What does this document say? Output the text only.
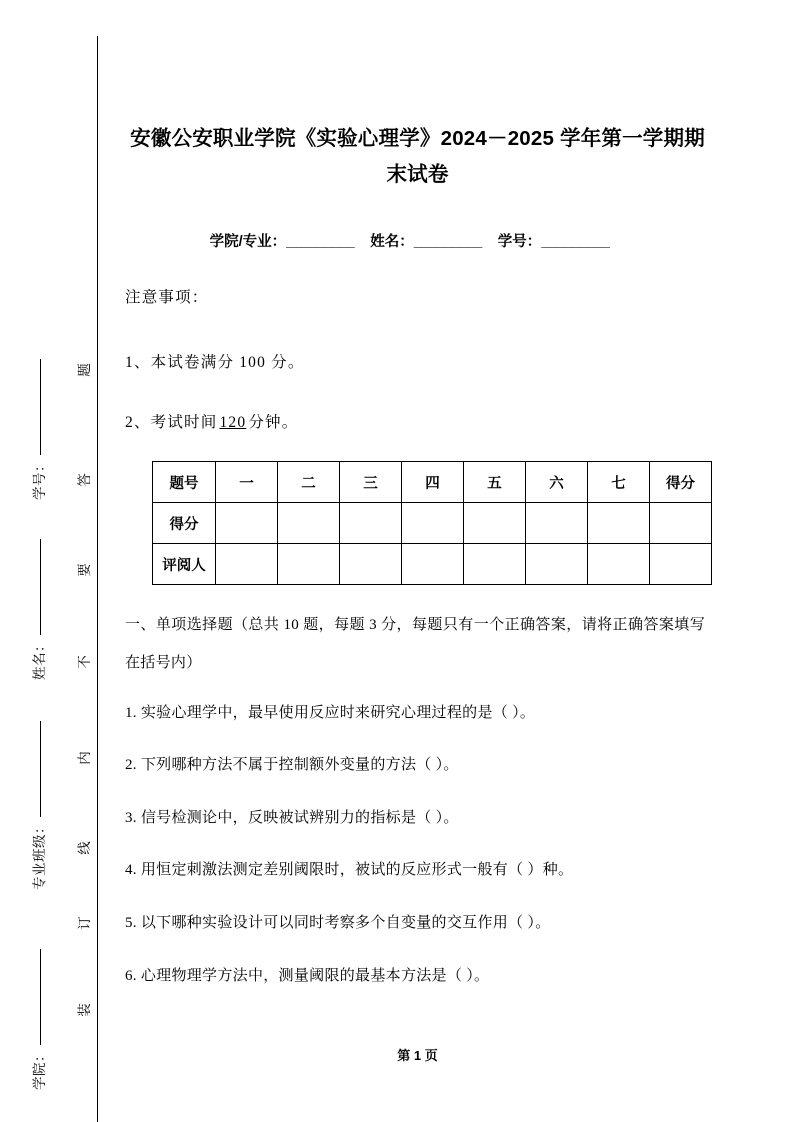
学号：
姓名：
专业班级：
学院：
题
答
要
不
内
线
订
装
安徽公安职业学院《实验心理学》2024－2025 学年第一学期期末试卷
学院/专业：_________ 姓名：_________ 学号：_________
注意事项：
1、本试卷满分 100 分。
2、考试时间 120 分钟。
题号	一	二	三	四	五	六	七	得分
得分								
评阅人								
一、单项选择题（总共 10 题，每题 3 分，每题只有一个正确答案，请将正确答案填写在括号内）
1. 实验心理学中，最早使用反应时来研究心理过程的是（ ）。
2. 下列哪种方法不属于控制额外变量的方法（ ）。
3. 信号检测论中，反映被试辨别力的指标是（ ）。
4. 用恒定刺激法测定差别阈限时，被试的反应形式一般有（ ）种。
5. 以下哪种实验设计可以同时考察多个自变量的交互作用（ ）。
6. 心理物理学方法中，测量阈限的最基本方法是（ ）。
第 1 页
